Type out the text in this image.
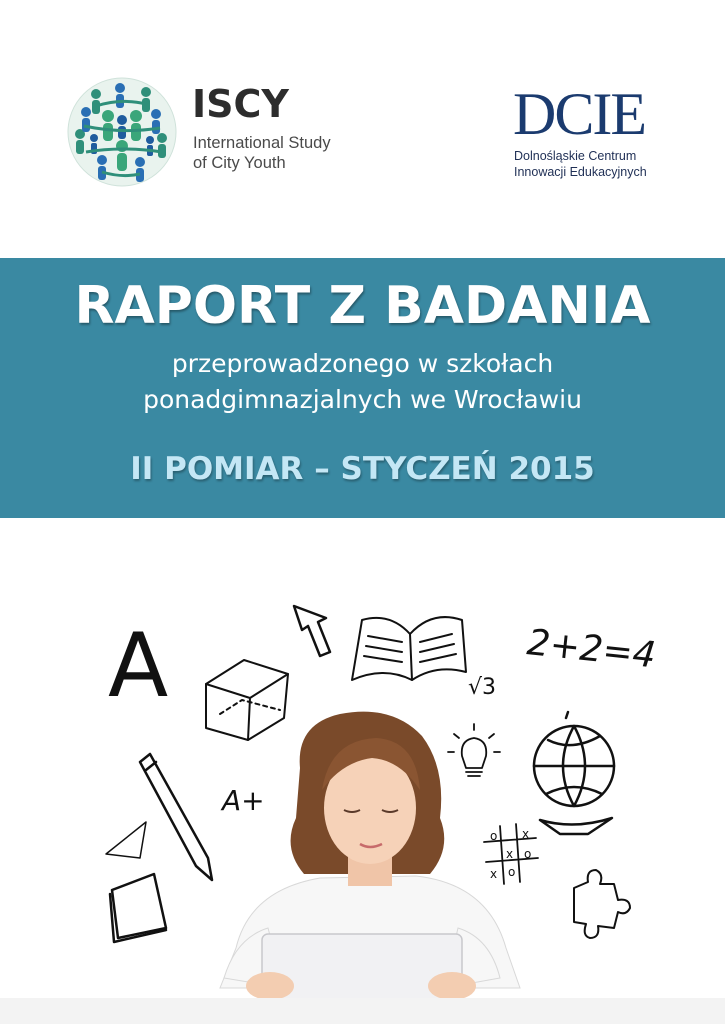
ISCY
International Study
of City Youth
DCIE
Dolnośląskie Centrum
Innowacji Edukacyjnych
RAPORT Z BADANIA
przeprowadzonego w szkołach
ponadgimnazjalnych we Wrocławiu
II POMIAR – STYCZEŃ 2015
A
A+
2+2=4
√3
o x
x o
x o
